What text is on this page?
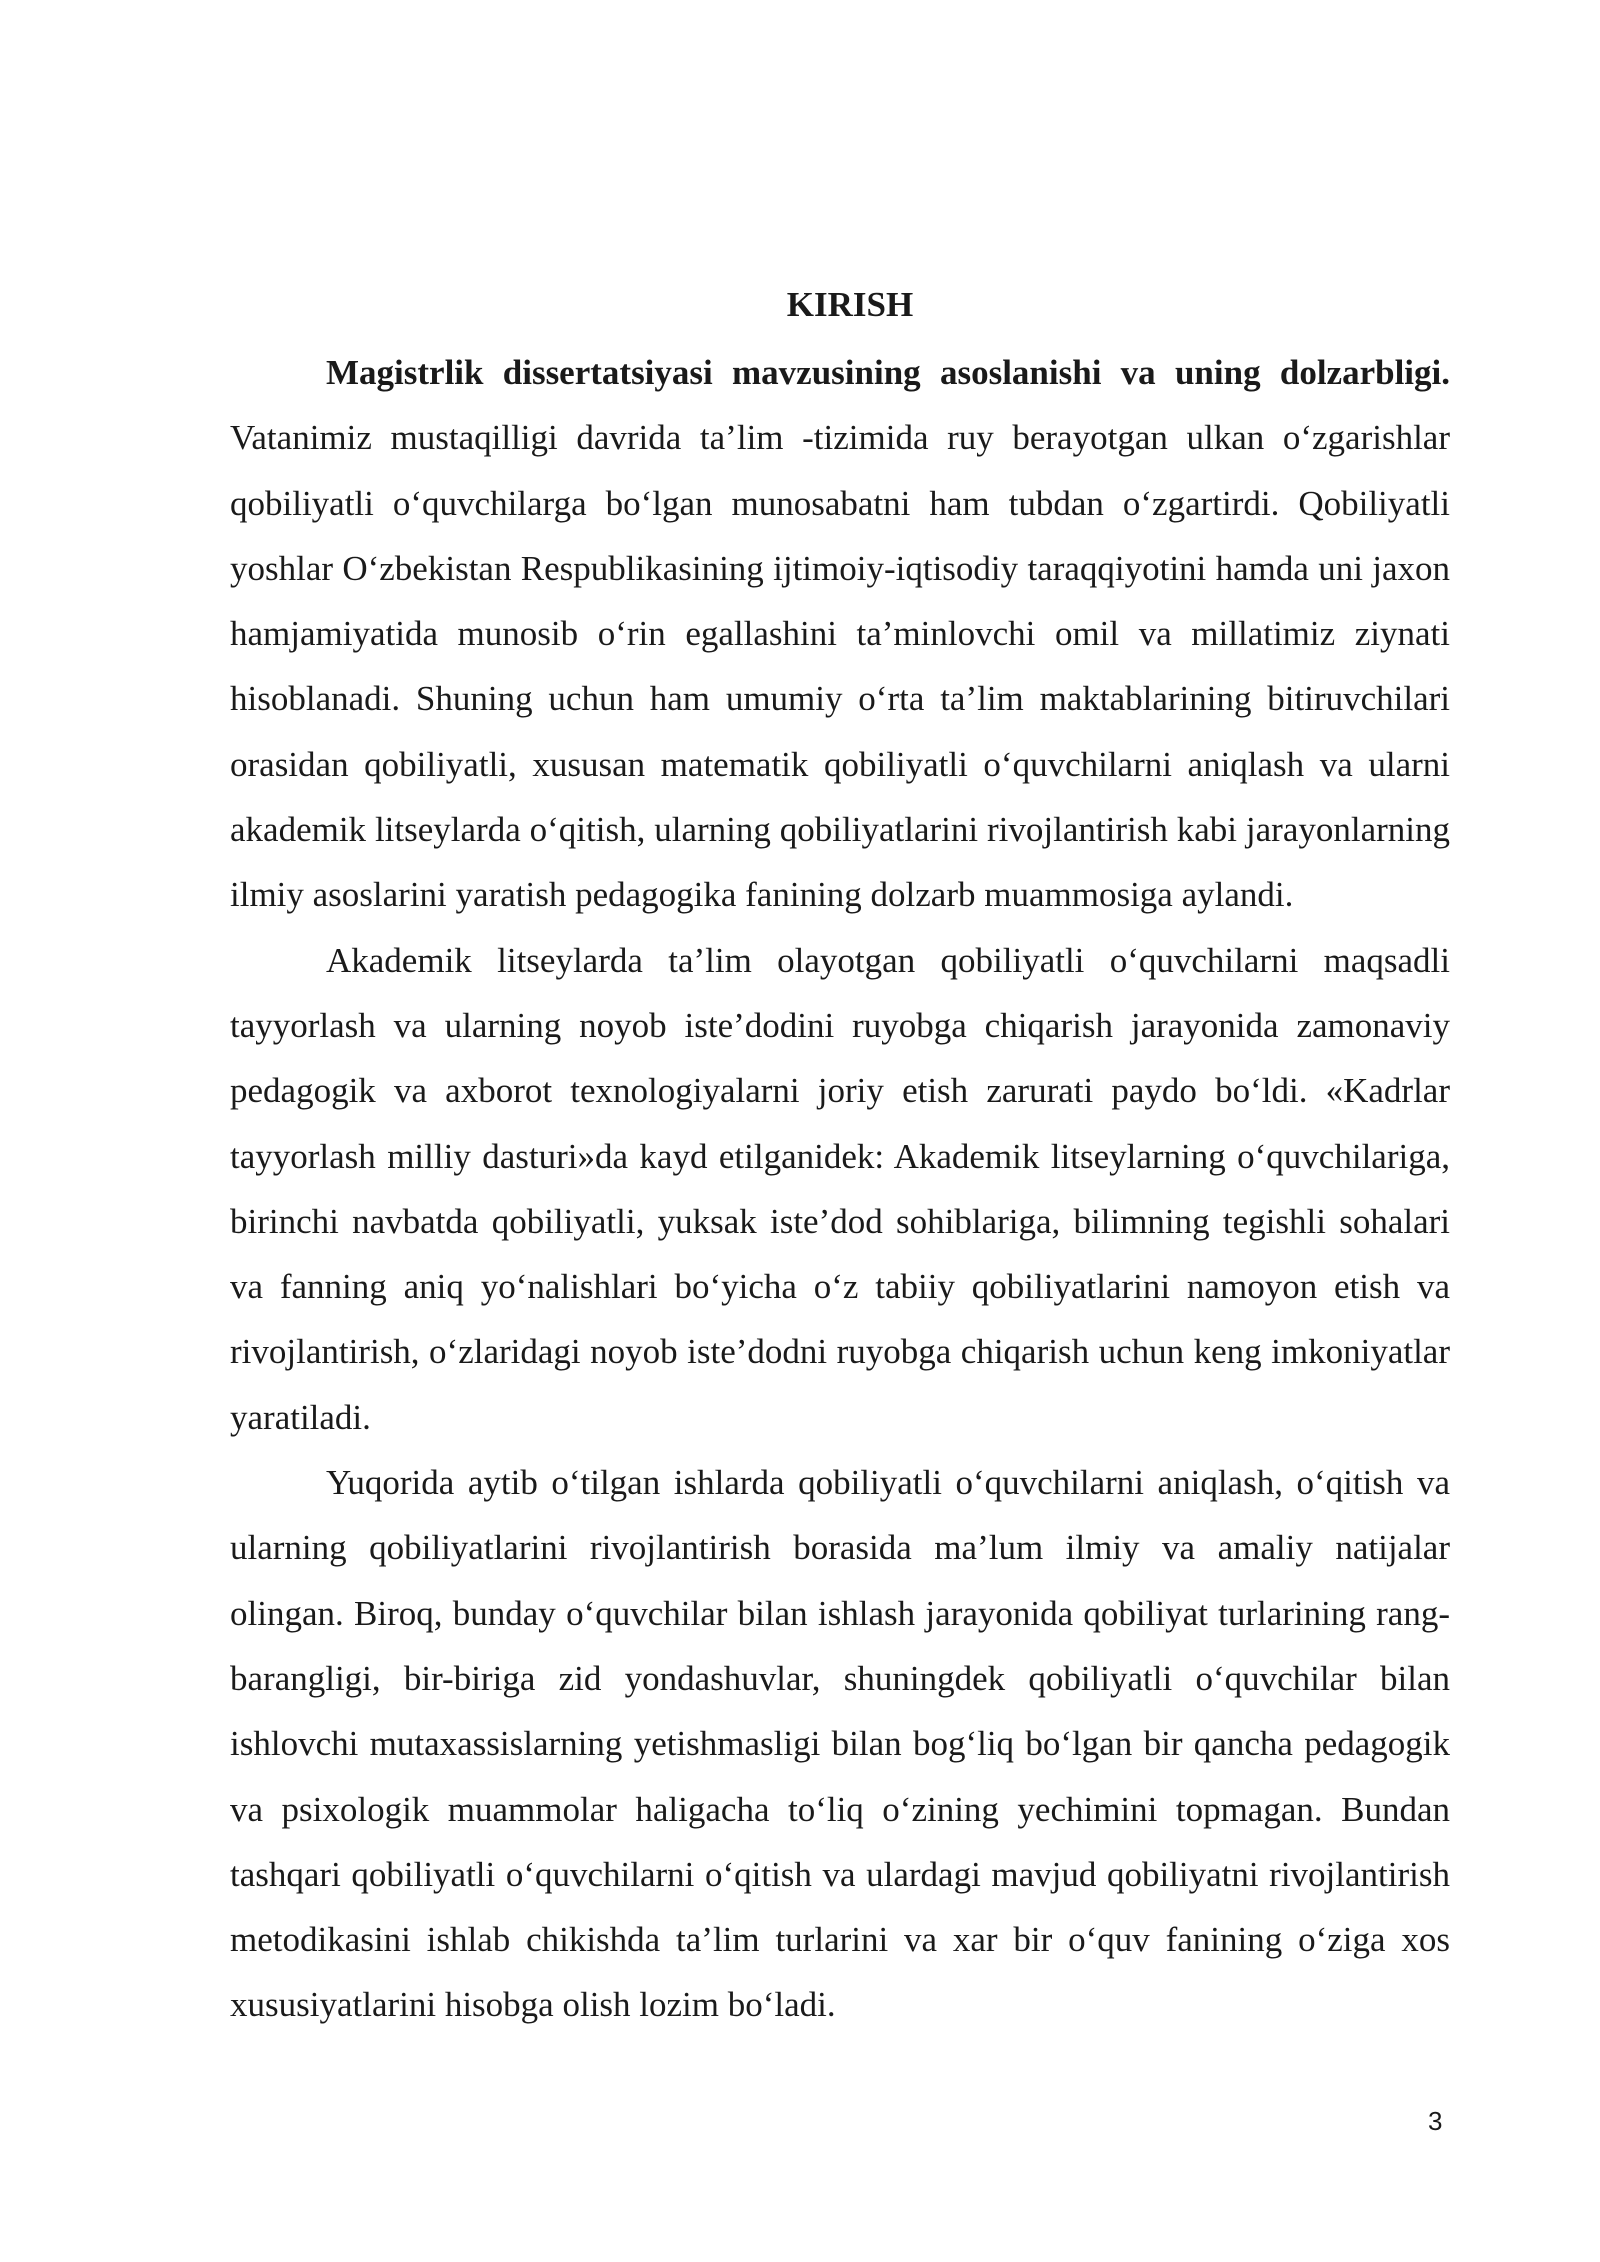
KIRISH

Magistrlik dissertatsiyasi mavzusining asoslanishi va uning dolzarbligi. Vatanimiz mustaqilligi davrida ta’lim -tizimida ruy berayotgan ulkan o‘zgarishlar qobiliyatli o‘quvchilarga bo‘lgan munosabatni ham tubdan o‘zgartirdi. Qobiliyatli yoshlar O‘zbekistan Respublikasining ijtimoiy-iqtisodiy taraqqiyotini hamda uni jaxon hamjamiyatida munosib o‘rin egallashini ta’minlovchi omil va millatimiz ziynati hisoblanadi. Shuning uchun ham umumiy o‘rta ta’lim maktablarining bitiruvchilari orasidan qobiliyatli, xususan matematik qobiliyatli o‘quvchilarni aniqlash va ularni akademik litseylarda o‘qitish, ularning qobiliyatlarini rivojlantirish kabi jarayonlarning ilmiy asoslarini yaratish pedagogika fanining dolzarb muammosiga aylandi.

Akademik litseylarda ta’lim olayotgan qobiliyatli o‘quvchilarni maqsadli tayyorlash va ularning noyob iste’dodini ruyobga chiqarish jarayonida zamonaviy pedagogik va axborot texnologiyalarni joriy etish zarurati paydo bo‘ldi. «Kadrlar tayyorlash milliy dasturi»da kayd etilganidek: Akademik litseylarning o‘quvchilariga, birinchi navbatda qobiliyatli, yuksak iste’dod sohiblariga, bilimning tegishli sohalari va fanning aniq yo‘nalishlari bo‘yicha o‘z tabiiy qobiliyatlarini namoyon etish va rivojlantirish, o‘zlaridagi noyob iste’dodni ruyobga chiqarish uchun keng imkoniyatlar yaratiladi.

Yuqorida aytib o‘tilgan ishlarda qobiliyatli o‘quvchilarni aniqlash, o‘qitish va ularning qobiliyatlarini rivojlantirish borasida ma’lum ilmiy va amaliy natijalar olingan. Biroq, bunday o‘quvchilar bilan ishlash jarayonida qobiliyat turlarining rang-barangligi, bir-biriga zid yondashuvlar, shuningdek qobiliyatli o‘quvchilar bilan ishlovchi mutaxassislarning yetishmasligi bilan bog‘liq bo‘lgan bir qancha pedagogik va psixologik muammolar haligacha to‘liq o‘zining yechimini topmagan. Bundan tashqari qobiliyatli o‘quvchilarni o‘qitish va ulardagi mavjud qobiliyatni rivojlantirish metodikasini ishlab chikishda ta’lim turlarini va xar bir o‘quv fanining o‘ziga xos xususiyatlarini hisobga olish lozim bo‘ladi.

3
